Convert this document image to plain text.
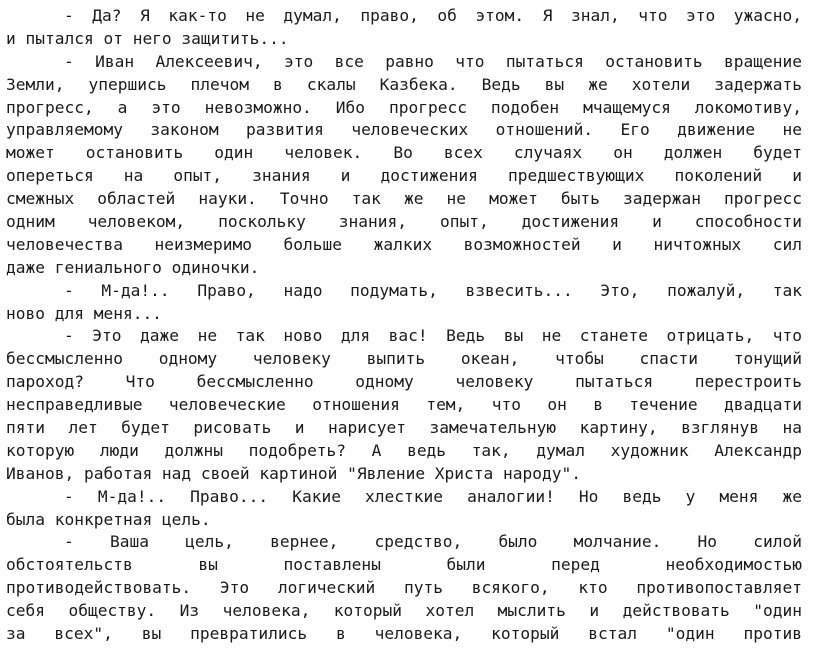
- Да? Я как-то не думал, право, об этом. Я знал, что это ужасно,
и пытался от него защитить...
- Иван Алексеевич, это все равно что пытаться остановить вращение
Земли, упершись плечом в скалы Казбека. Ведь вы же хотели задержать
прогресс, а это невозможно. Ибо прогресс подобен мчащемуся локомотиву,
управляемому законом развития человеческих отношений. Его движение не
может остановить один человек. Во всех случаях он должен будет
опереться на опыт, знания и достижения предшествующих поколений и
смежных областей науки. Точно так же не может быть задержан прогресс
одним человеком, поскольку знания, опыт, достижения и способности
человечества неизмеримо больше жалких возможностей и ничтожных сил
даже гениального одиночки.
- М-да!.. Право, надо подумать, взвесить... Это, пожалуй, так
ново для меня...
- Это даже не так ново для вас! Ведь вы не станете отрицать, что
бессмысленно одному человеку выпить океан, чтобы спасти тонущий
пароход? Что бессмысленно одному человеку пытаться перестроить
несправедливые человеческие отношения тем, что он в течение двадцати
пяти лет будет рисовать и нарисует замечательную картину, взглянув на
которую люди должны подобреть? А ведь так, думал художник Александр
Иванов, работая над своей картиной "Явление Христа народу".
- М-да!.. Право... Какие хлесткие аналогии! Но ведь у меня же
была конкретная цель.
- Ваша цель, вернее, средство, было молчание. Но силой
обстоятельств вы поставлены были перед необходимостью
противодействовать. Это логический путь всякого, кто противопоставляет
себя обществу. Из человека, который хотел мыслить и действовать "один
за всех", вы превратились в человека, который встал "один против
